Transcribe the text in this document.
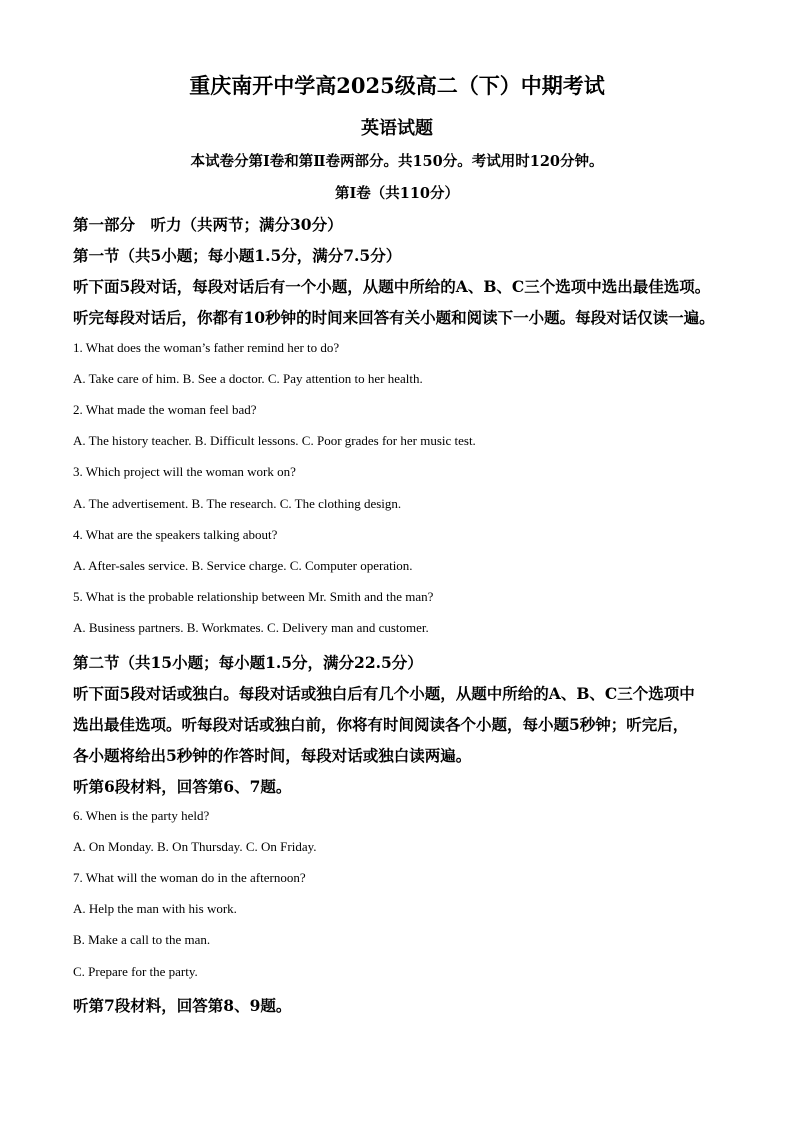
重庆南开中学高2025级高二（下）中期考试
英语试题
本试卷分第Ⅰ卷和第Ⅱ卷两部分。共150分。考试用时120分钟。
第Ⅰ卷（共110分）
第一部分　听力（共两节；满分30分）
第一节（共5小题；每小题1.5分，满分7.5分）
听下面5段对话，每段对话后有一个小题，从题中所给的A、B、C三个选项中选出最佳选项。
听完每段对话后，你都有10秒钟的时间来回答有关小题和阅读下一小题。每段对话仅读一遍。
1. What does the woman’s father remind her to do?
A. Take care of him. B. See a doctor. C. Pay attention to her health.
2. What made the woman feel bad?
A. The history teacher. B. Difficult lessons. C. Poor grades for her music test.
3. Which project will the woman work on?
A. The advertisement. B. The research. C. The clothing design.
4. What are the speakers talking about?
A. After-sales service. B. Service charge. C. Computer operation.
5. What is the probable relationship between Mr. Smith and the man?
A. Business partners. B. Workmates. C. Delivery man and customer.
第二节（共15小题；每小题1.5分，满分22.5分）
听下面5段对话或独白。每段对话或独白后有几个小题，从题中所给的A、B、C三个选项中
选出最佳选项。听每段对话或独白前，你将有时间阅读各个小题，每小题5秒钟；听完后，
各小题将给出5秒钟的作答时间，每段对话或独白读两遍。
听第6段材料，回答第6、7题。
6. When is the party held?
A. On Monday. B. On Thursday. C. On Friday.
7. What will the woman do in the afternoon?
A. Help the man with his work.
B. Make a call to the man.
C. Prepare for the party.
听第7段材料，回答第8、9题。
